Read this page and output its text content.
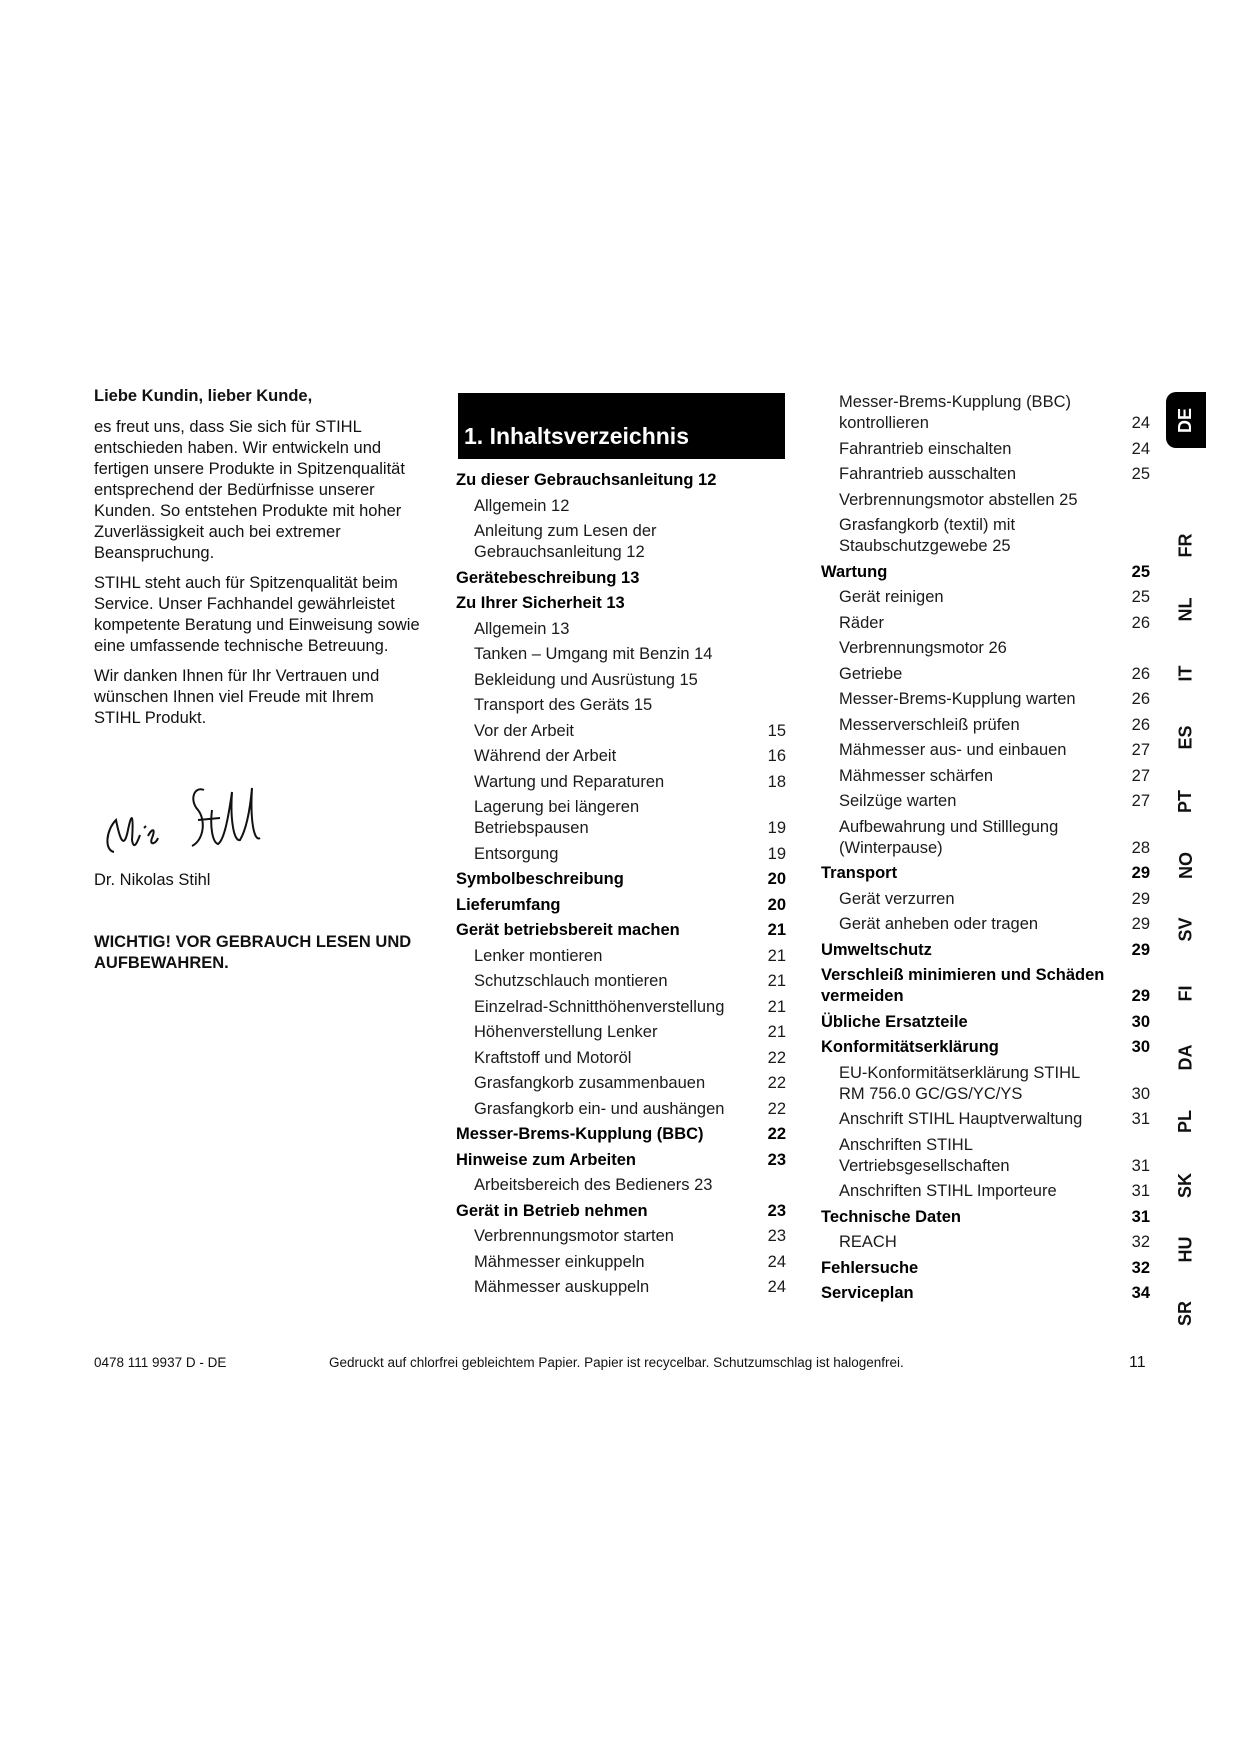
Liebe Kundin, lieber Kunde,

es freut uns, dass Sie sich für STIHL entschieden haben. Wir entwickeln und fertigen unsere Produkte in Spitzenqualität entsprechend der Bedürfnisse unserer Kunden. So entstehen Produkte mit hoher Zuverlässigkeit auch bei extremer Beanspruchung.

STIHL steht auch für Spitzenqualität beim Service. Unser Fachhandel gewährleistet kompetente Beratung und Einweisung sowie eine umfassende technische Betreuung.

Wir danken Ihnen für Ihr Vertrauen und wünschen Ihnen viel Freude mit Ihrem STIHL Produkt.

Dr. Nikolas Stihl
WICHTIG! VOR GEBRAUCH LESEN UND AUFBEWAHREN.
1. Inhaltsverzeichnis
Zu dieser Gebrauchsanleitung 12
Allgemein 12
Anleitung zum Lesen der Gebrauchsanleitung 12
Gerätebeschreibung 13
Zu Ihrer Sicherheit 13
Allgemein 13
Tanken – Umgang mit Benzin 14
Bekleidung und Ausrüstung 15
Transport des Geräts 15
Vor der Arbeit	15
Während der Arbeit	16
Wartung und Reparaturen	18
Lagerung bei längeren Betriebspausen	19
Entsorgung	19
Symbolbeschreibung	20
Lieferumfang	20
Gerät betriebsbereit machen	21
Lenker montieren	21
Schutzschlauch montieren	21
Einzelrad-Schnitthöhenverstellung	21
Höhenverstellung Lenker	21
Kraftstoff und Motoröl	22
Grasfangkorb zusammenbauen	22
Grasfangkorb ein- und aushängen	22
Messer-Brems-Kupplung (BBC)	22
Hinweise zum Arbeiten	23
Arbeitsbereich des Bedieners 23
Gerät in Betrieb nehmen	23
Verbrennungsmotor starten	23
Mähmesser einkuppeln	24
Mähmesser auskuppeln	24
Messer-Brems-Kupplung (BBC) kontrollieren	24
Fahrantrieb einschalten	24
Fahrantrieb ausschalten	25
Verbrennungsmotor abstellen 25
Grasfangkorb (textil) mit Staubschutzgewebe 25
Wartung	25
Gerät reinigen	25
Räder	26
Verbrennungsmotor 26
Getriebe	26
Messer-Brems-Kupplung warten	26
Messerverschleiß prüfen	26
Mähmesser aus- und einbauen	27
Mähmesser schärfen	27
Seilzüge warten	27
Aufbewahrung und Stilllegung (Winterpause)	28
Transport	29
Gerät verzurren	29
Gerät anheben oder tragen	29
Umweltschutz	29
Verschleiß minimieren und Schäden vermeiden	29
Übliche Ersatzteile	30
Konformitätserklärung	30
EU-Konformitätserklärung STIHL RM 756.0 GC/GS/YC/YS	30
Anschrift STIHL Hauptverwaltung	31
Anschriften STIHL Vertriebsgesellschaften	31
Anschriften STIHL Importeure	31
Technische Daten	31
REACH	32
Fehlersuche	32
Serviceplan	34
0478 111 9937 D - DE	Gedruckt auf chlorfrei gebleichtem Papier. Papier ist recycelbar. Schutzumschlag ist halogenfrei.	11
DE
FR
NL
IT
ES
PT
NO
SV
FI
DA
PL
SK
HU
SR
